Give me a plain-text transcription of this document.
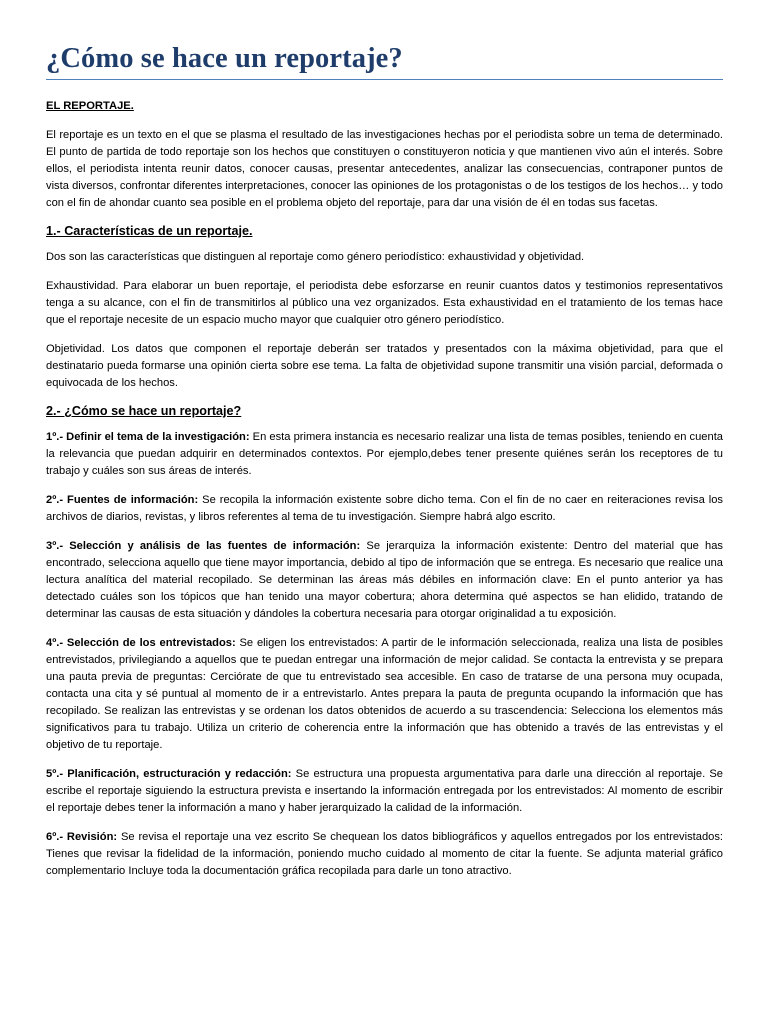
¿Cómo se hace un reportaje?

EL REPORTAJE.

El reportaje es un texto en el que se plasma el resultado de las investigaciones hechas por el periodista sobre un tema de determinado. El punto de partida de todo reportaje son los hechos que constituyen o constituyeron noticia y que mantienen vivo aún el interés. Sobre ellos, el periodista intenta reunir datos, conocer causas, presentar antecedentes, analizar las consecuencias, contraponer puntos de vista diversos, confrontar diferentes interpretaciones, conocer las opiniones de los protagonistas o de los testigos de los hechos… y todo con el fin de ahondar cuanto sea posible en el problema objeto del reportaje, para dar una visión de él en todas sus facetas.

1.- Características de un reportaje.

Dos son las características que distinguen al reportaje como género periodístico: exhaustividad y objetividad.

Exhaustividad. Para elaborar un buen reportaje, el periodista debe esforzarse en reunir cuantos datos y testimonios representativos tenga a su alcance, con el fin de transmitirlos al público una vez organizados. Esta exhaustividad en el tratamiento de los temas hace que el reportaje necesite de un espacio mucho mayor que cualquier otro género periodístico.

Objetividad. Los datos que componen el reportaje deberán ser tratados y presentados con la máxima objetividad, para que el destinatario pueda formarse una opinión cierta sobre ese tema. La falta de objetividad supone transmitir una visión parcial, deformada o equivocada de los hechos.

2.- ¿Cómo se hace un reportaje?

1º.- Definir el tema de la investigación: En esta primera instancia es necesario realizar una lista de temas posibles, teniendo en cuenta la relevancia que puedan adquirir en determinados contextos. Por ejemplo,debes tener presente quiénes serán los receptores de tu trabajo y cuáles son sus áreas de interés.

2º.- Fuentes de información: Se recopila la información existente sobre dicho tema. Con el fin de no caer en reiteraciones revisa los archivos de diarios, revistas, y libros referentes al tema de tu investigación. Siempre habrá algo escrito.

3º.- Selección y análisis de las fuentes de información: Se jerarquiza la información existente: Dentro del material que has encontrado, selecciona aquello que tiene mayor importancia, debido al tipo de información que se entrega. Es necesario que realice una lectura analítica del material recopilado. Se determinan las áreas más débiles en información clave: En el punto anterior ya has detectado cuáles son los tópicos que han tenido una mayor cobertura; ahora determina qué aspectos se han elidido, tratando de determinar las causas de esta situación y dándoles la cobertura necesaria para otorgar originalidad a tu exposición.

4º.- Selección de los entrevistados: Se eligen los entrevistados: A partir de le información seleccionada, realiza una lista de posibles entrevistados, privilegiando a aquellos que te puedan entregar una información de mejor calidad. Se contacta la entrevista y se prepara una pauta previa de preguntas: Cerciórate de que tu entrevistado sea accesible. En caso de tratarse de una persona muy ocupada, contacta una cita y sé puntual al momento de ir a entrevistarlo. Antes prepara la pauta de pregunta ocupando la información que has recopilado. Se realizan las entrevistas y se ordenan los datos obtenidos de acuerdo a su trascendencia: Selecciona los elementos más significativos para tu trabajo. Utiliza un criterio de coherencia entre la información que has obtenido a través de las entrevistas y el objetivo de tu reportaje.

5º.- Planificación, estructuración y redacción: Se estructura una propuesta argumentativa para darle una dirección al reportaje. Se escribe el reportaje siguiendo la estructura prevista e insertando la información entregada por los entrevistados: Al momento de escribir el reportaje debes tener la información a mano y haber jerarquizado la calidad de la información.

6º.- Revisión: Se revisa el reportaje una vez escrito Se chequean los datos bibliográficos y aquellos entregados por los entrevistados: Tienes que revisar la fidelidad de la información, poniendo mucho cuidado al momento de citar la fuente. Se adjunta material gráfico complementario Incluye toda la documentación gráfica recopilada para darle un tono atractivo.
